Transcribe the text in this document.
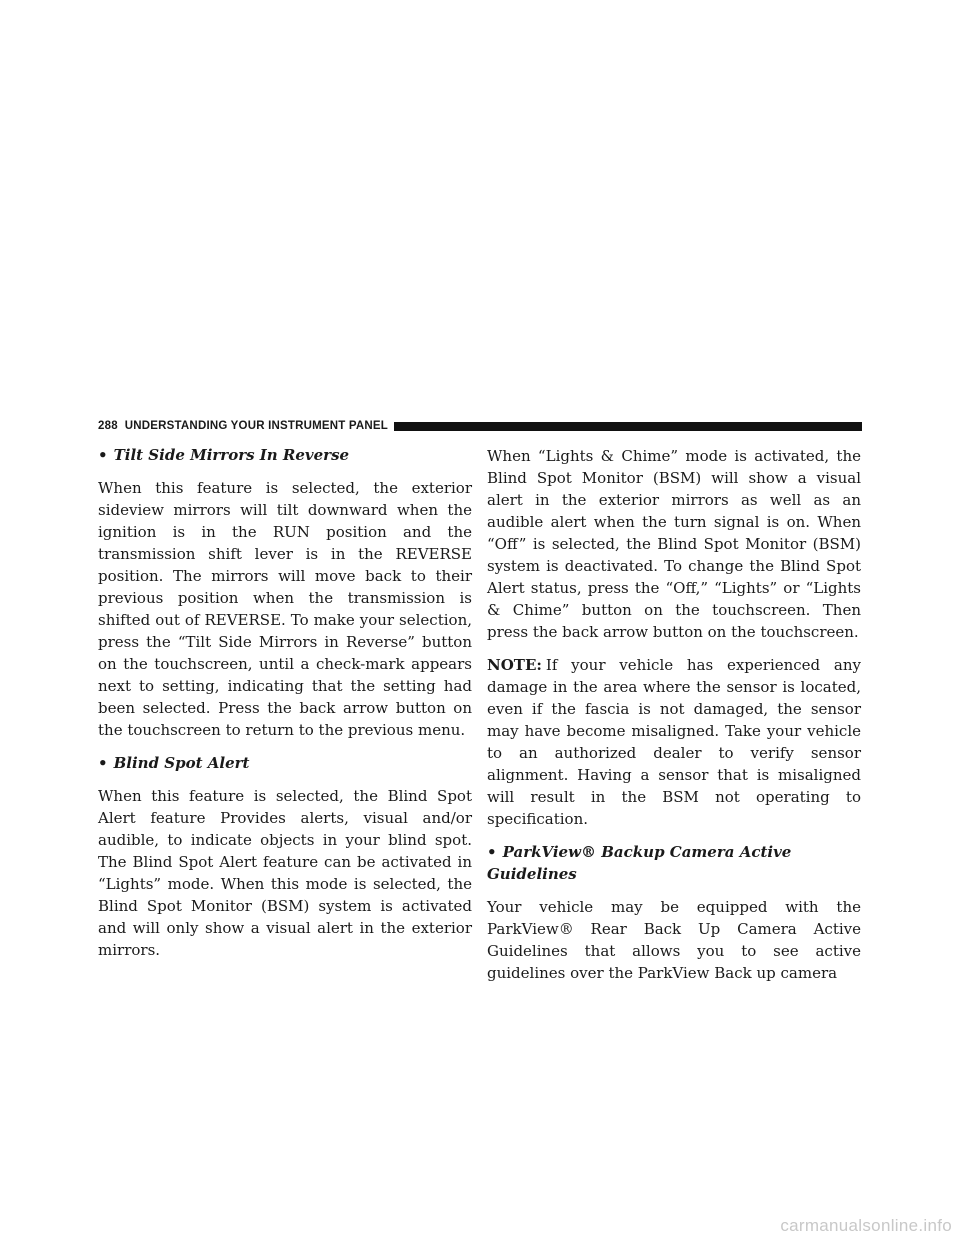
288 UNDERSTANDING YOUR INSTRUMENT PANEL
• Tilt Side Mirrors In Reverse

When this feature is selected, the exterior sideview mirrors will tilt downward when the ignition is in the RUN position and the transmission shift lever is in the REVERSE position. The mirrors will move back to their previous position when the transmission is shifted out of REVERSE. To make your selection, press the “Tilt Side Mirrors in Reverse” button on the touchscreen, until a check-mark appears next to setting, indicating that the setting had been selected. Press the back arrow button on the touchscreen to return to the previous menu.

• Blind Spot Alert

When this feature is selected, the Blind Spot Alert feature Provides alerts, visual and/or audible, to indicate objects in your blind spot. The Blind Spot Alert feature can be activated in “Lights” mode. When this mode is selected, the Blind Spot Monitor (BSM) system is activated and will only show a visual alert in the exterior mirrors.

When “Lights & Chime” mode is activated, the Blind Spot Monitor (BSM) will show a visual alert in the exterior mirrors as well as an audible alert when the turn signal is on. When “Off” is selected, the Blind Spot Monitor (BSM) system is deactivated. To change the Blind Spot Alert status, press the “Off,” “Lights” or “Lights & Chime” button on the touchscreen. Then press the back arrow button on the touchscreen.

NOTE: If your vehicle has experienced any damage in the area where the sensor is located, even if the fascia is not damaged, the sensor may have become misaligned. Take your vehicle to an authorized dealer to verify sensor alignment. Having a sensor that is misaligned will result in the BSM not operating to specification.

• ParkView® Backup Camera Active Guidelines

Your vehicle may be equipped with the ParkView® Rear Back Up Camera Active Guidelines that allows you to see active guidelines over the ParkView Back up camera

carmanualsonline.info
